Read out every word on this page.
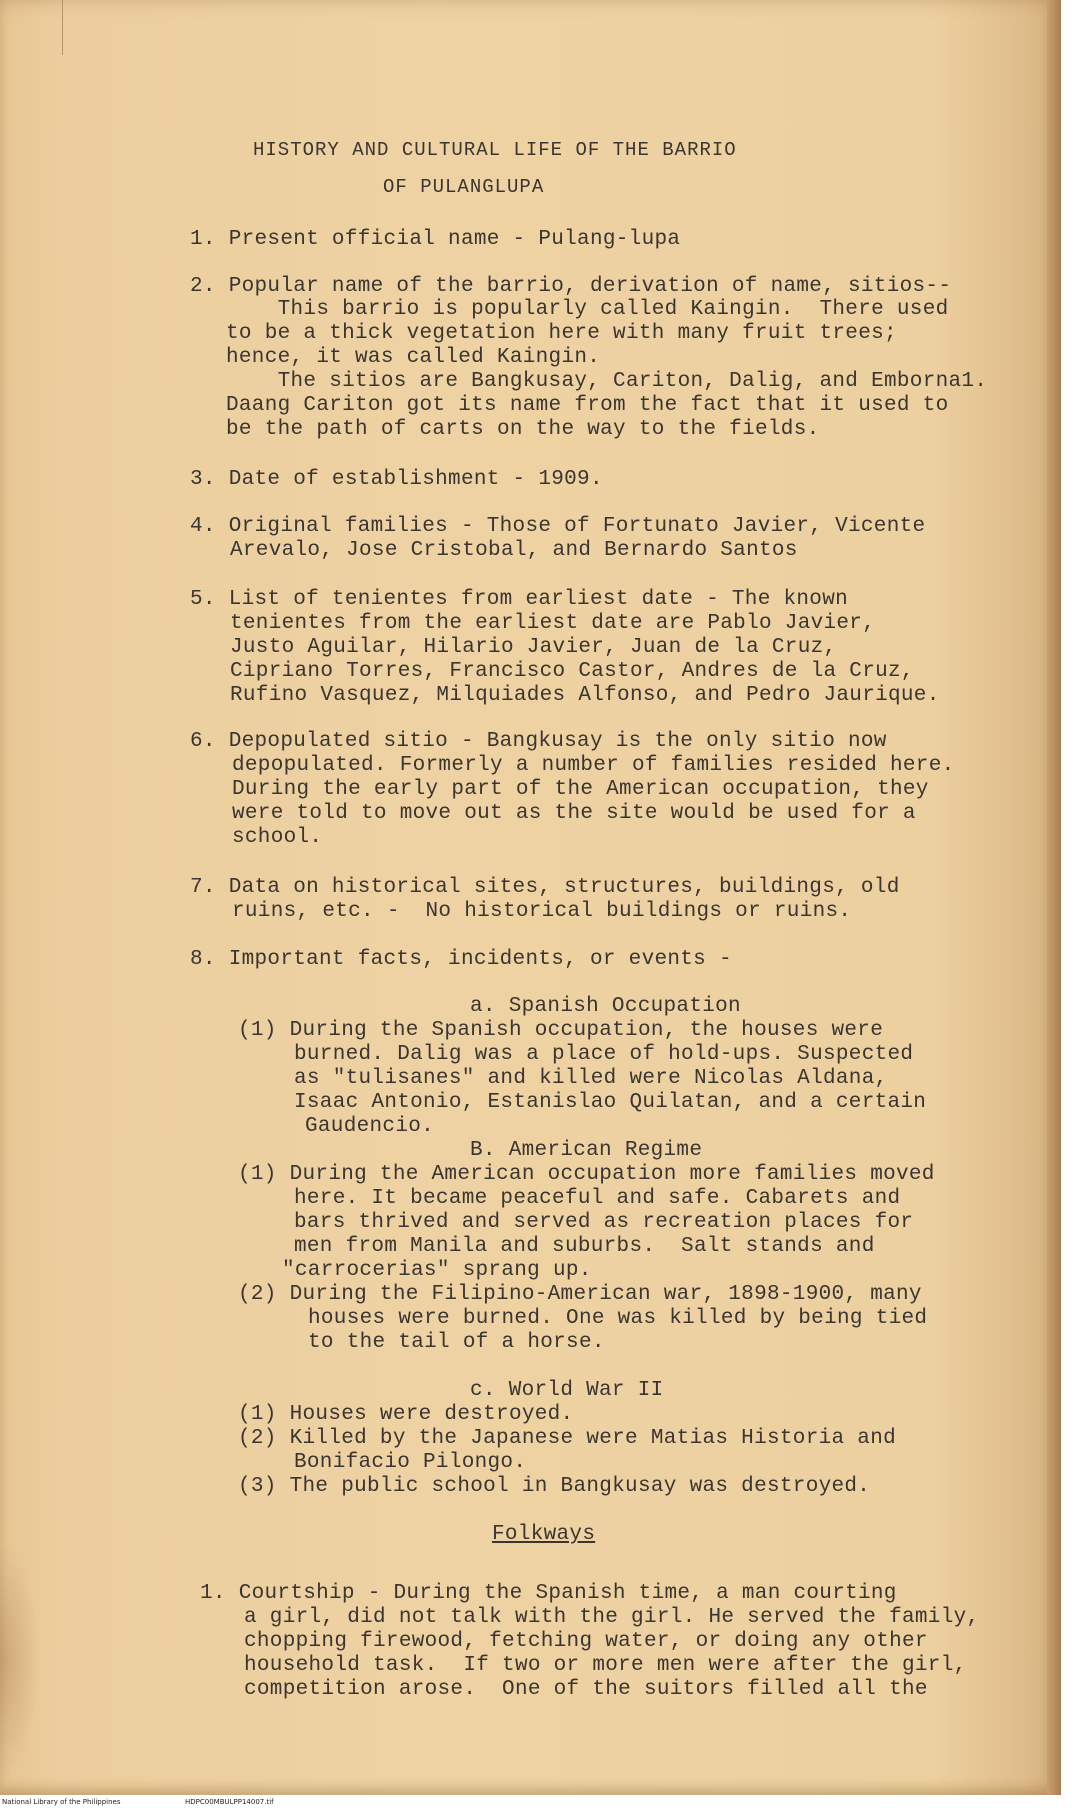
HISTORY AND CULTURAL LIFE OF THE BARRIO
OF PULANGLUPA
1. Present official name - Pulang-lupa
2. Popular name of the barrio, derivation of name, sitios--
This barrio is popularly called Kaingin.  There used
to be a thick vegetation here with many fruit trees;
hence, it was called Kaingin.
The sitios are Bangkusay, Cariton, Dalig, and Emborna1.
Daang Cariton got its name from the fact that it used to
be the path of carts on the way to the fields.
3. Date of establishment - 1909.
4. Original families - Those of Fortunato Javier, Vicente
Arevalo, Jose Cristobal, and Bernardo Santos
5. List of tenientes from earliest date - The known
tenientes from the earliest date are Pablo Javier,
Justo Aguilar, Hilario Javier, Juan de la Cruz,
Cipriano Torres, Francisco Castor, Andres de la Cruz,
Rufino Vasquez, Milquiades Alfonso, and Pedro Jaurique.
6. Depopulated sitio - Bangkusay is the only sitio now
depopulated. Formerly a number of families resided here.
During the early part of the American occupation, they
were told to move out as the site would be used for a
school.
7. Data on historical sites, structures, buildings, old
ruins, etc. -  No historical buildings or ruins.
8. Important facts, incidents, or events -
a. Spanish Occupation
(1) During the Spanish occupation, the houses were
burned. Dalig was a place of hold-ups. Suspected
as "tulisanes" and killed were Nicolas Aldana,
Isaac Antonio, Estanislao Quilatan, and a certain
Gaudencio.
B. American Regime
(1) During the American occupation more families moved
here. It became peaceful and safe. Cabarets and
bars thrived and served as recreation places for
men from Manila and suburbs.  Salt stands and
"carrocerias" sprang up.
(2) During the Filipino-American war, 1898-1900, many
houses were burned. One was killed by being tied
to the tail of a horse.
c. World War II
(1) Houses were destroyed.
(2) Killed by the Japanese were Matias Historia and
Bonifacio Pilongo.
(3) The public school in Bangkusay was destroyed.
Folkways
1. Courtship - During the Spanish time, a man courting
a girl, did not talk with the girl. He served the family,
chopping firewood, fetching water, or doing any other
household task.  If two or more men were after the girl,
competition arose.  One of the suitors filled all the
National Library of the Philippines	HDPC00MBULPP14007.tif
